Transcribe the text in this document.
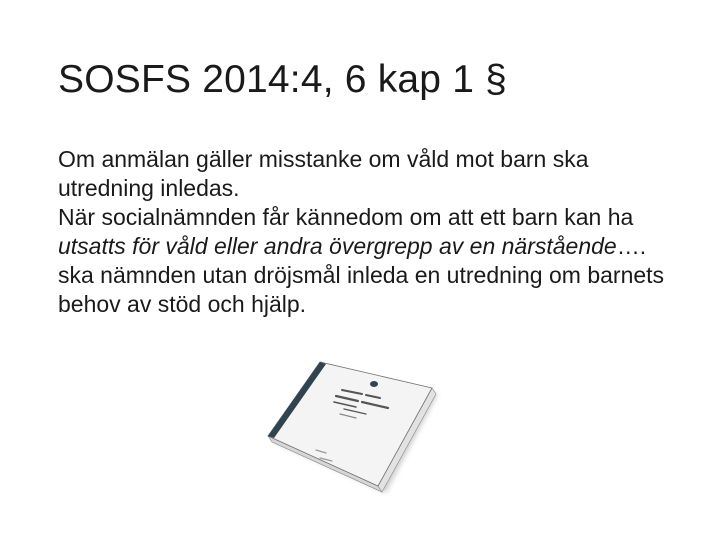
SOSFS 2014:4, 6 kap 1 §

Om anmälan gäller misstanke om våld mot barn ska utredning inledas.

När socialnämnden får kännedom om att ett barn kan ha utsatts för våld eller andra övergrepp av en närstående…. ska nämnden utan dröjsmål inleda en utredning om barnets behov av stöd och hjälp.
